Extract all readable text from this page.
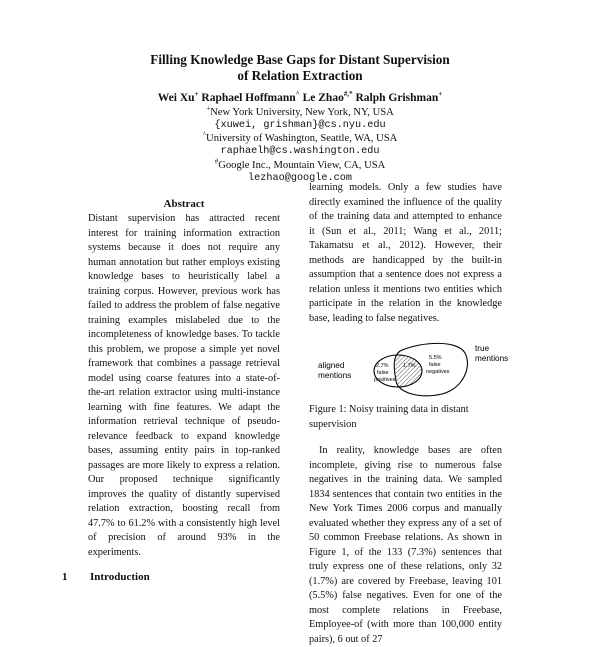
Filling Knowledge Base Gaps for Distant Supervision
of Relation Extraction
Wei Xu+ Raphael Hoffmann^ Le Zhao#,* Ralph Grishman+
+New York University, New York, NY, USA
{xuwei, grishman}@cs.nyu.edu
^University of Washington, Seattle, WA, USA
raphaelh@cs.washington.edu
#Google Inc., Mountain View, CA, USA
lezhao@google.com
Abstract

Distant supervision has attracted recent interest for training information extraction systems because it does not require any human annotation but rather employs existing knowledge bases to heuristically label a training corpus. However, previous work has failed to address the problem of false negative training examples mislabeled due to the incompleteness of knowledge bases. To tackle this problem, we propose a simple yet novel framework that combines a passage retrieval model using coarse features into a state-of-the-art relation extractor using multi-instance learning with fine features. We adapt the information retrieval technique of pseudo-relevance feedback to expand knowledge bases, assuming entity pairs in top-ranked passages are more likely to express a relation. Our proposed technique significantly improves the quality of distantly supervised relation extraction, boosting recall from 47.7% to 61.2% with a consistently high level of precision of around 93% in the experiments.

1 Introduction

learning models. Only a few studies have directly examined the influence of the quality of the training data and attempted to enhance it (Sun et al., 2011; Wang et al., 2011; Takamatsu et al., 2012). However, their methods are handicapped by the built-in assumption that a sentence does not express a relation unless it mentions two entities which participate in the relation in the knowledge base, leading to false negatives.

aligned
mentions
true
mentions
2.7%
false
positives
1.7%
5.5%
false
negatives
Figure 1: Noisy training data in distant supervision

In reality, knowledge bases are often incomplete, giving rise to numerous false negatives in the training data. We sampled 1834 sentences that contain two entities in the New York Times 2006 corpus and manually evaluated whether they express any of a set of 50 common Freebase relations. As shown in Figure 1, of the 133 (7.3%) sentences that truly express one of these relations, only 32 (1.7%) are covered by Freebase, leaving 101 (5.5%) false negatives. Even for one of the most complete relations in Freebase, Employee-of (with more than 100,000 entity pairs), 6 out of 27
